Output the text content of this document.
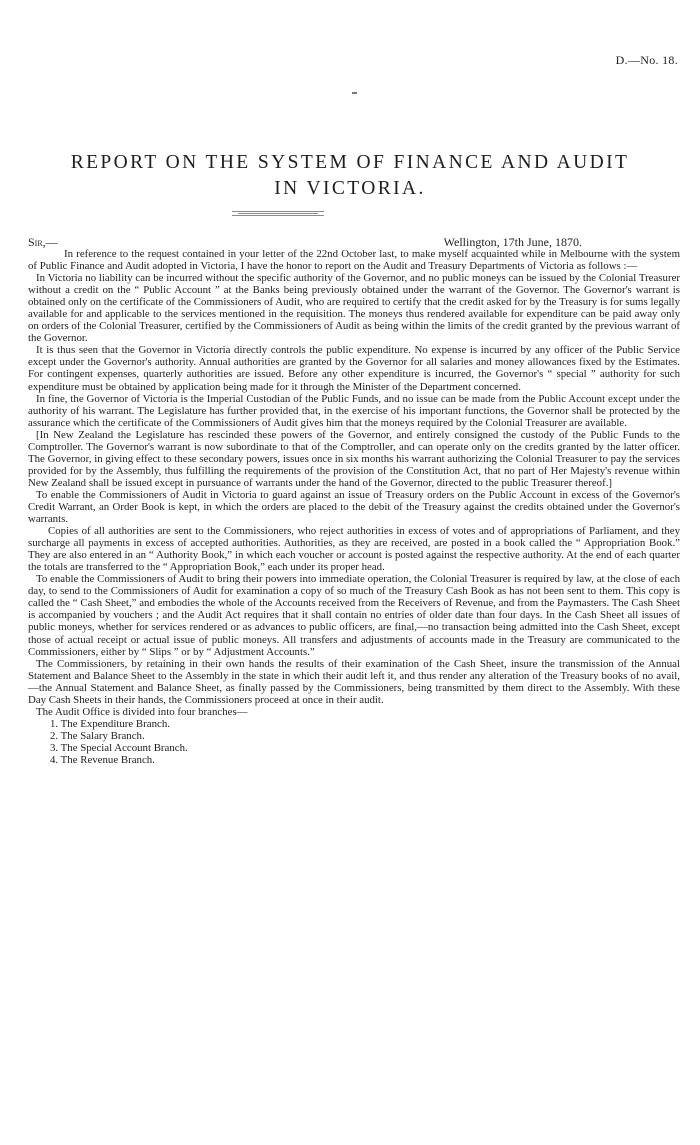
D.—No. 18.
REPORT ON THE SYSTEM OF FINANCE AND AUDIT
IN VICTORIA.
Sir,—	Wellington, 17th June, 1870.

In reference to the request contained in your letter of the 22nd October last, to make myself acquainted while in Melbourne with the system of Public Finance and Audit adopted in Victoria, I have the honor to report on the Audit and Treasury Departments of Victoria as follows :—

In Victoria no liability can be incurred without the specific authority of the Governor, and no public moneys can be issued by the Colonial Treasurer without a credit on the “ Public Account ” at the Banks being previously obtained under the warrant of the Governor. The Governor's warrant is obtained only on the certificate of the Commissioners of Audit, who are required to certify that the credit asked for by the Treasury is for sums legally available for and applicable to the services mentioned in the requisition. The moneys thus rendered available for expenditure can be paid away only on orders of the Colonial Treasurer, certified by the Commissioners of Audit as being within the limits of the credit granted by the previous warrant of the Governor.

It is thus seen that the Governor in Victoria directly controls the public expenditure. No expense is incurred by any officer of the Public Service except under the Governor's authority. Annual authorities are granted by the Governor for all salaries and money allowances fixed by the Estimates. For contingent expenses, quarterly authorities are issued. Before any other expenditure is incurred, the Governor's “ special ” authority for such expenditure must be obtained by application being made for it through the Minister of the Department concerned.

In fine, the Governor of Victoria is the Imperial Custodian of the Public Funds, and no issue can be made from the Public Account except under the authority of his warrant. The Legislature has further provided that, in the exercise of his important functions, the Governor shall be protected by the assurance which the certificate of the Commissioners of Audit gives him that the moneys required by the Colonial Treasurer are available.

[In New Zealand the Legislature has rescinded these powers of the Governor, and entirely consigned the custody of the Public Funds to the Comptroller. The Governor's warrant is now subordinate to that of the Comptroller, and can operate only on the credits granted by the latter officer. The Governor, in giving effect to these secondary powers, issues once in six months his warrant authorizing the Colonial Treasurer to pay the services provided for by the Assembly, thus fulfilling the requirements of the provision of the Constitution Act, that no part of Her Majesty's revenue within New Zealand shall be issued except in pursuance of warrants under the hand of the Governor, directed to the public Treasurer thereof.]

To enable the Commissioners of Audit in Victoria to guard against an issue of Treasury orders on the Public Account in excess of the Governor's Credit Warrant, an Order Book is kept, in which the orders are placed to the debit of the Treasury against the credits obtained under the Governor's warrants.

Copies of all authorities are sent to the Commissioners, who reject authorities in excess of votes and of appropriations of Parliament, and they surcharge all payments in excess of accepted authorities. Authorities, as they are received, are posted in a book called the “ Appropriation Book.” They are also entered in an “ Authority Book,” in which each voucher or account is posted against the respective authority. At the end of each quarter the totals are transferred to the “ Appropriation Book,” each under its proper head.

To enable the Commissioners of Audit to bring their powers into immediate operation, the Colonial Treasurer is required by law, at the close of each day, to send to the Commissioners of Audit for examination a copy of so much of the Treasury Cash Book as has not been sent to them. This copy is called the “ Cash Sheet,” and embodies the whole of the Accounts received from the Receivers of Revenue, and from the Paymasters. The Cash Sheet is accompanied by vouchers ; and the Audit Act requires that it shall contain no entries of older date than four days. In the Cash Sheet all issues of public moneys, whether for services rendered or as advances to public officers, are final,—no transaction being admitted into the Cash Sheet, except those of actual receipt or actual issue of public moneys. All transfers and adjustments of accounts made in the Treasury are communicated to the Commissioners, either by “ Slips ” or by “ Adjustment Accounts.”

The Commissioners, by retaining in their own hands the results of their examination of the Cash Sheet, insure the transmission of the Annual Statement and Balance Sheet to the Assembly in the state in which their audit left it, and thus render any alteration of the Treasury books of no avail,—the Annual Statement and Balance Sheet, as finally passed by the Commissioners, being transmitted by them direct to the Assembly. With these Day Cash Sheets in their hands, the Commissioners proceed at once in their audit.

The Audit Office is divided into four branches—

1. The Expenditure Branch.
2. The Salary Branch.
3. The Special Account Branch.
4. The Revenue Branch.
